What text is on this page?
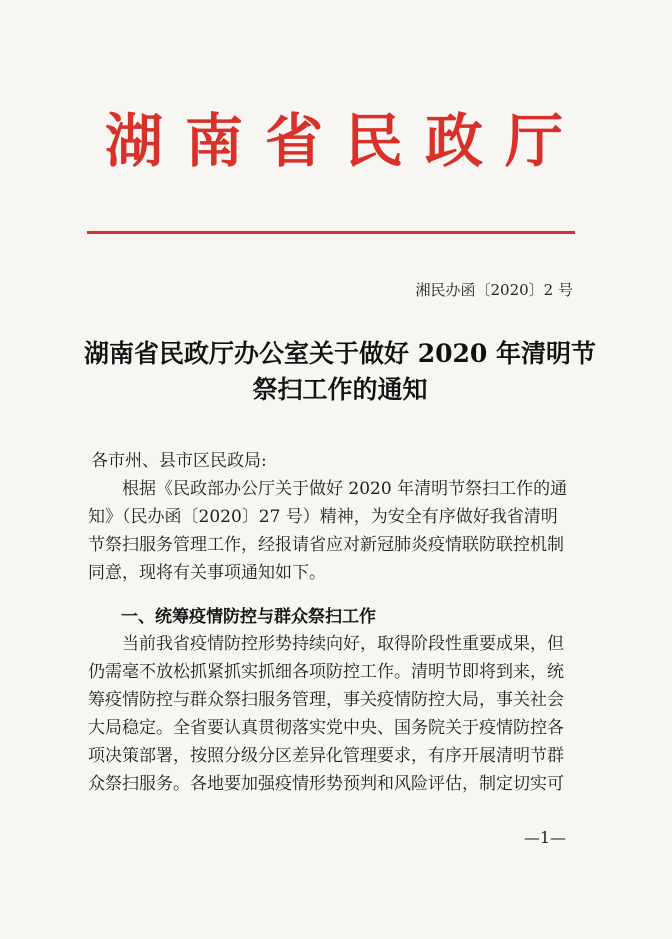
湖南省民政厅
湘民办函〔2020〕2 号
湖南省民政厅办公室关于做好 2020 年清明节
祭扫工作的通知
各市州、县市区民政局:
　　根据《民政部办公厅关于做好 2020 年清明节祭扫工作的通
知》（民办函〔2020〕27 号）精神，为安全有序做好我省清明
节祭扫服务管理工作，经报请省应对新冠肺炎疫情联防联控机制
同意，现将有关事项通知如下。
一、统筹疫情防控与群众祭扫工作
　　当前我省疫情防控形势持续向好，取得阶段性重要成果，但
仍需毫不放松抓紧抓实抓细各项防控工作。清明节即将到来，统
筹疫情防控与群众祭扫服务管理，事关疫情防控大局，事关社会
大局稳定。全省要认真贯彻落实党中央、国务院关于疫情防控各
项决策部署，按照分级分区差异化管理要求，有序开展清明节群
众祭扫服务。各地要加强疫情形势预判和风险评估，制定切实可
—1—
